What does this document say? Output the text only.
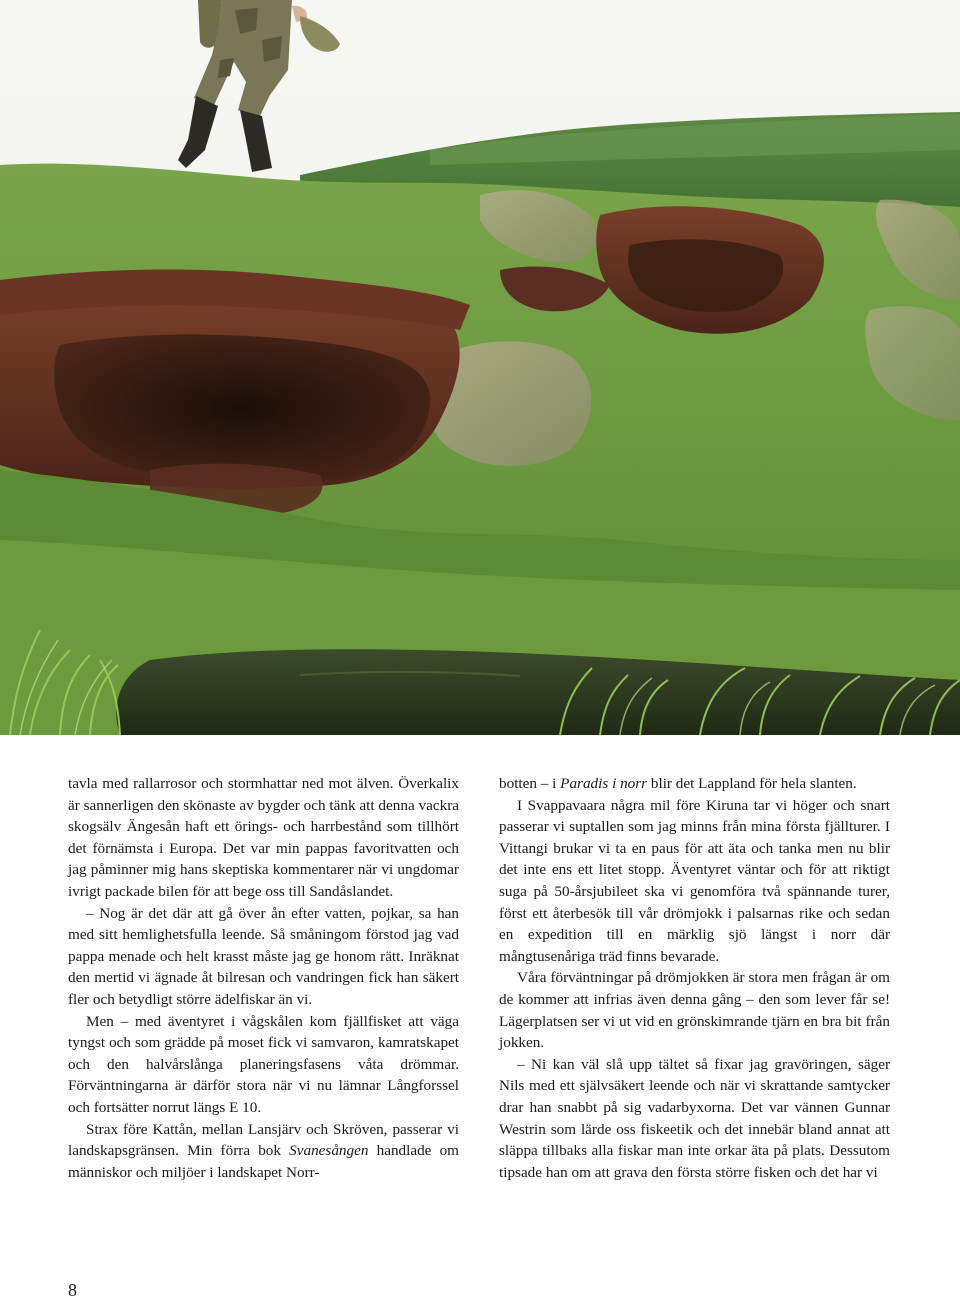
tavla med rallarrosor och stormhattar ned mot älven. Överkalix är sannerligen den skönaste av bygder och tänk att denna vackra skogsälv Ängesån haft ett örings- och harrbestånd som tillhört det förnämsta i Europa. Det var min pappas favoritvatten och jag påminner mig hans skeptiska kommentarer när vi ungdomar ivrigt packade bilen för att bege oss till Sandåslandet.

– Nog är det där att gå över ån efter vatten, pojkar, sa han med sitt hemlighetsfulla leende. Så småningom förstod jag vad pappa menade och helt krasst måste jag ge honom rätt. Inräknat den mertid vi ägnade åt bilresan och vandringen fick han säkert fler och betydligt större ädelfiskar än vi.

Men – med äventyret i vågskålen kom fjällfisket att väga tyngst och som grädde på moset fick vi samvaron, kamratskapet och den halvårslånga planeringsfasens våta drömmar. Förväntningarna är därför stora när vi nu lämnar Långforssel och fortsätter norrut längs E 10.

Strax före Kattån, mellan Lansjärv och Skröven, passerar vi landskapsgränsen. Min förra bok Svanesången handlade om människor och miljöer i landskapet Norr-

botten – i Paradis i norr blir det Lappland för hela slanten.

I Svappavaara några mil före Kiruna tar vi höger och snart passerar vi suptallen som jag minns från mina första fjällturer. I Vittangi brukar vi ta en paus för att äta och tanka men nu blir det inte ens ett litet stopp. Äventyret väntar och för att riktigt suga på 50-årsjubileet ska vi genomföra två spännande turer, först ett återbesök till vår drömjokk i palsarnas rike och sedan en expedition till en märklig sjö längst i norr där mångtusenåriga träd finns bevarade.

Våra förväntningar på drömjokken är stora men frågan är om de kommer att infrias även denna gång – den som lever får se! Lägerplatsen ser vi ut vid en grönskimrande tjärn en bra bit från jokken.

– Ni kan väl slå upp tältet så fixar jag gravöringen, säger Nils med ett självsäkert leende och när vi skrattande samtycker drar han snabbt på sig vadarbyxorna. Det var vännen Gunnar Westrin som lärde oss fiskeetik och det innebär bland annat att släppa tillbaks alla fiskar man inte orkar äta på plats. Dessutom tipsade han om att grava den första större fisken och det har vi

8
